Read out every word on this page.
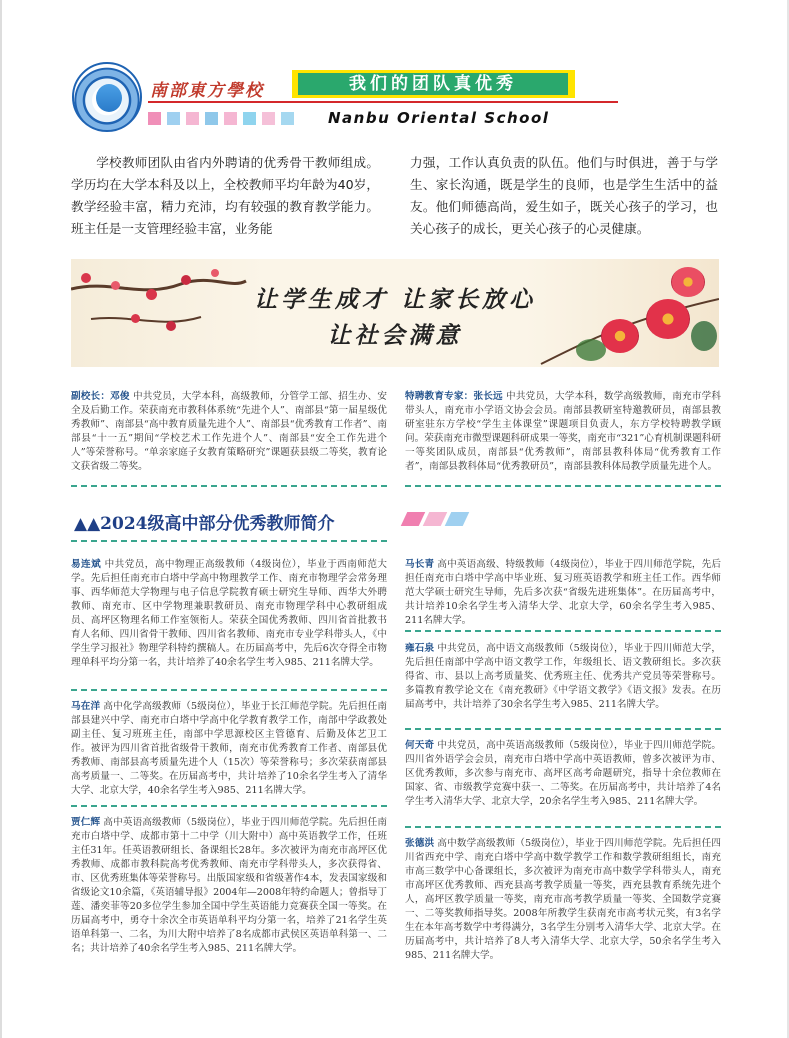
南部東方學校	我们的团队真优秀
Nanbu Oriental School

学校教师团队由省内外聘请的优秀骨干教师组成。学历均在大学本科及以上，全校教师平均年龄为40岁，教学经验丰富，精力充沛，均有较强的教育教学能力。班主任是一支管理经验丰富，业务能

力强，工作认真负责的队伍。他们与时俱进，善于与学生、家长沟通，既是学生的良师，也是学生生活中的益友。他们师德高尚，爱生如子，既关心孩子的学习，也关心孩子的成长，更关心孩子的心灵健康。

让学生成才 让家长放心
让社会满意
副校长：邓俊 中共党员，大学本科，高级教师，分管学工部、招生办、安全及后勤工作。荣获南充市教科体系统“先进个人”、南部县“第一届星级优秀教师”、南部县“高中教育质量先进个人”、南部县“优秀教育工作者”、南部县“十一五”期间“学校艺术工作先进个人”、南部县“安全工作先进个人”等荣誉称号。“单亲家庭子女教育策略研究”课题获县级二等奖，教育论文获省级二等奖。
特聘教育专家：张长远 中共党员，大学本科，数学高级教师，南充市学科带头人，南充市小学语文协会会员。南部县教研室特邀教研员，南部县教研室驻东方学校“学生主体课堂”课题项目负责人，东方学校特聘教学顾问。荣获南充市微型课题科研成果一等奖，南充市“321”心育机制课题科研一等奖团队成员，南部县“优秀教师”，南部县教科体局“优秀教育工作者”，南部县教科体局“优秀教研员”，南部县教科体局教学质量先进个人。
▲▲2024级高中部分优秀教师简介
易连斌 中共党员，高中物理正高级教师（4级岗位），毕业于西南师范大学。先后担任南充市白塔中学高中物理教学工作、南充市物理学会常务理事、西华师范大学物理与电子信息学院教育硕士研究生导师、西华大外聘教师、南充市、区中学物理兼职教研员、南充市物理学科中心教研组成员、高坪区物理名师工作室领衔人。荣获全国优秀教师、四川省首批教书育人名师、四川省骨干教师、四川省名教师、南充市专业学科带头人，《中学生学习报社》物理学科特约撰稿人。在历届高考中，先后6次夺得全市物理单科平均分第一名，共计培养了40余名学生考入985、211名牌大学。
马在洋 高中化学高级教师（5级岗位），毕业于长江师范学院。先后担任南部县建兴中学、南充市白塔中学高中化学教育教学工作，南部中学政教处副主任、复习班班主任，南部中学思源校区主管德育、后勤及体艺卫工作。被评为四川省首批省级骨干教师，南充市优秀教育工作者、南部县优秀教师、南部县高考质量先进个人（15次）等荣誉称号；多次荣获南部县高考质量一、二等奖。在历届高考中，共计培养了10余名学生考入了清华大学、北京大学，40余名学生考入985、211名牌大学。
贾仁辉 高中英语高级教师（5级岗位），毕业于四川师范学院。先后担任南充市白塔中学、成都市第十二中学（川大附中）高中英语教学工作，任班主任31年。任英语教研组长、备课组长28年。多次被评为南充市高坪区优秀教师、成都市教科院高考优秀教师、南充市学科带头人，多次获得省、市、区优秀班集体等荣誉称号。出版国家级和省级著作4本，发表国家级和省级论文10余篇，《英语辅导报》2004年—2008年特约命题人；曾指导丁莲、潘奕菲等20多位学生参加全国中学生英语能力竞赛获全国一等奖。在历届高考中，勇夺十余次全市英语单科平均分第一名，培养了21名学生英语单科第一、二名，为川大附中培养了8名成都市武侯区英语单科第一、二名；共计培养了40余名学生考入985、211名牌大学。
马长青 高中英语高级、特级教师（4级岗位），毕业于四川师范学院，先后担任南充市白塔中学高中毕业班、复习班英语教学和班主任工作。西华师范大学硕士研究生导师，先后多次获“省级先进班集体”。在历届高考中，共计培养10余名学生考入清华大学、北京大学，60余名学生考入985、211名牌大学。
雍石泉 中共党员，高中语文高级教师（5级岗位），毕业于四川师范大学，先后担任南部中学高中语文教学工作，年级组长、语文教研组长。多次获得省、市、县以上高考质量奖、优秀班主任、优秀共产党员等荣誉称号。多篇教育教学论文在《南充教研》《中学语文教学》《语文报》发表。在历届高考中，共计培养了30余名学生考入985、211名牌大学。
何天奇 中共党员，高中英语高级教师（5级岗位），毕业于四川师范学院。四川省外语学会会员，南充市白塔中学高中英语教师，曾多次被评为市、区优秀教师，多次参与南充市、高坪区高考命题研究，指导十余位教师在国家、省、市级教学竞赛中获一、二等奖。在历届高考中，共计培养了4名学生考入清华大学、北京大学，20余名学生考入985、211名牌大学。
张德洪 高中数学高级教师（5级岗位），毕业于四川师范学院。先后担任四川省西充中学、南充白塔中学高中数学教学工作和数学教研组组长，南充市高三数学中心备课组长，多次被评为南充市高中数学学科带头人，南充市高坪区优秀教师、西充县高考教学质量一等奖，西充县教育系统先进个人，高坪区教学质量一等奖，南充市高考教学质量一等奖、全国数学竞赛一、二等奖教师指导奖。2008年所教学生获南充市高考状元奖，有3名学生在本年高考数学中考得满分，3名学生分别考入清华大学、北京大学。在历届高考中，共计培养了8人考入清华大学、北京大学，50余名学生考入985、211名牌大学。
